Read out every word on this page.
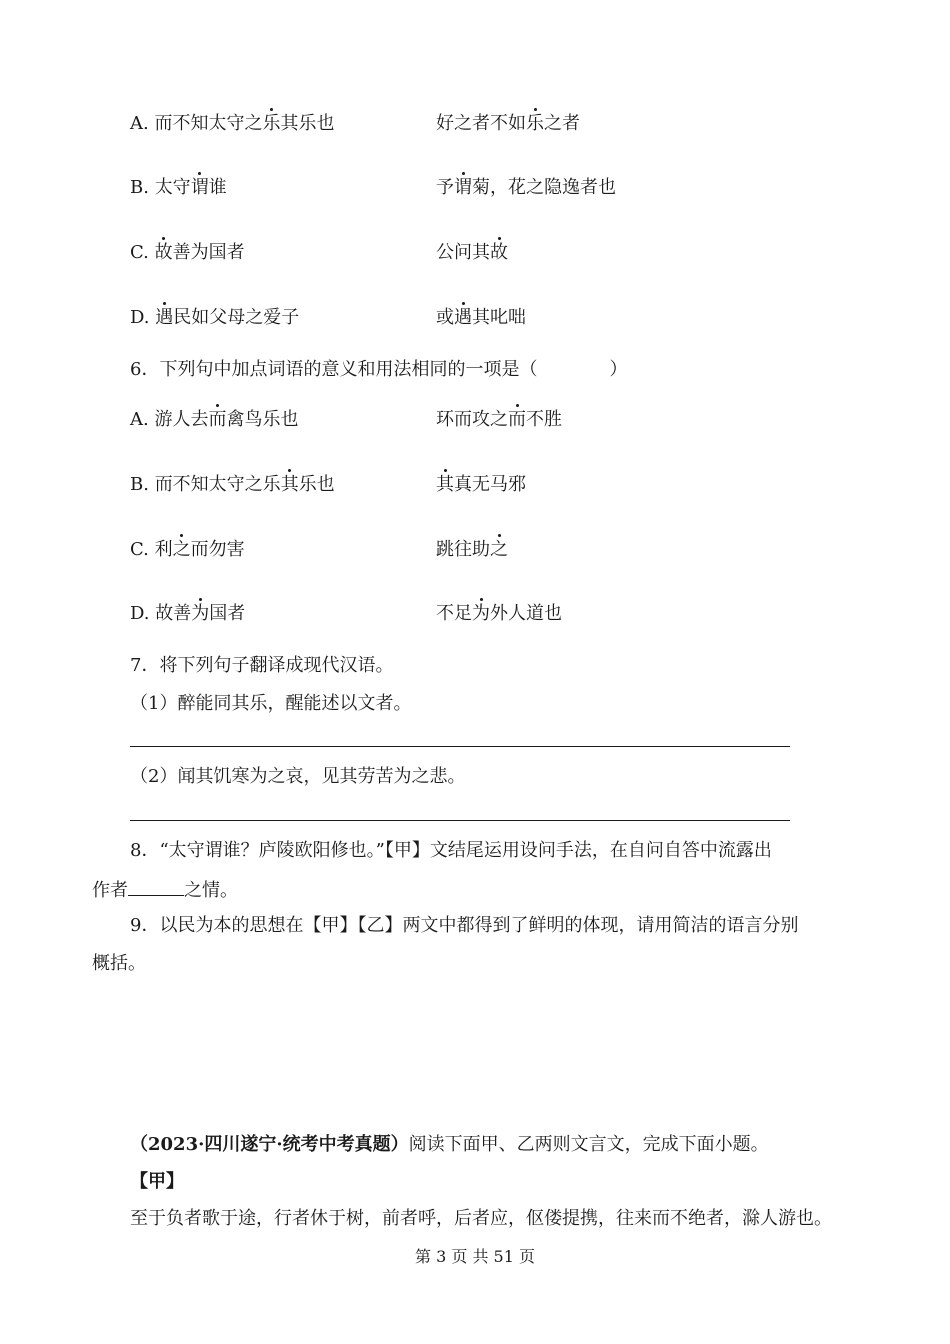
A. 而不知太守之乐其乐也	好之者不如乐之者
B. 太守谓谁	予谓菊，花之隐逸者也
C. 故善为国者	公问其故
D. 遇民如父母之爱子	或遇其叱咄
6．下列句中加点词语的意义和用法相同的一项是（　　　　）
A. 游人去而禽鸟乐也	环而攻之而不胜
B. 而不知太守之乐其乐也	其真无马邪
C. 利之而勿害	跳往助之
D. 故善为国者	不足为外人道也
7．将下列句子翻译成现代汉语。
（1）醉能同其乐，醒能述以文者。
（2）闻其饥寒为之哀，见其劳苦为之悲。
8．“太守谓谁？庐陵欧阳修也。”【甲】文结尾运用设问手法，在自问自答中流露出
作者	之情。
9．以民为本的思想在【甲】【乙】两文中都得到了鲜明的体现，请用简洁的语言分别
概括。
（2023·四川遂宁·统考中考真题）阅读下面甲、乙两则文言文，完成下面小题。
【甲】
至于负者歌于途，行者休于树，前者呼，后者应，伛偻提携，往来而不绝者，滁人游也。
第 3 页 共 51 页
